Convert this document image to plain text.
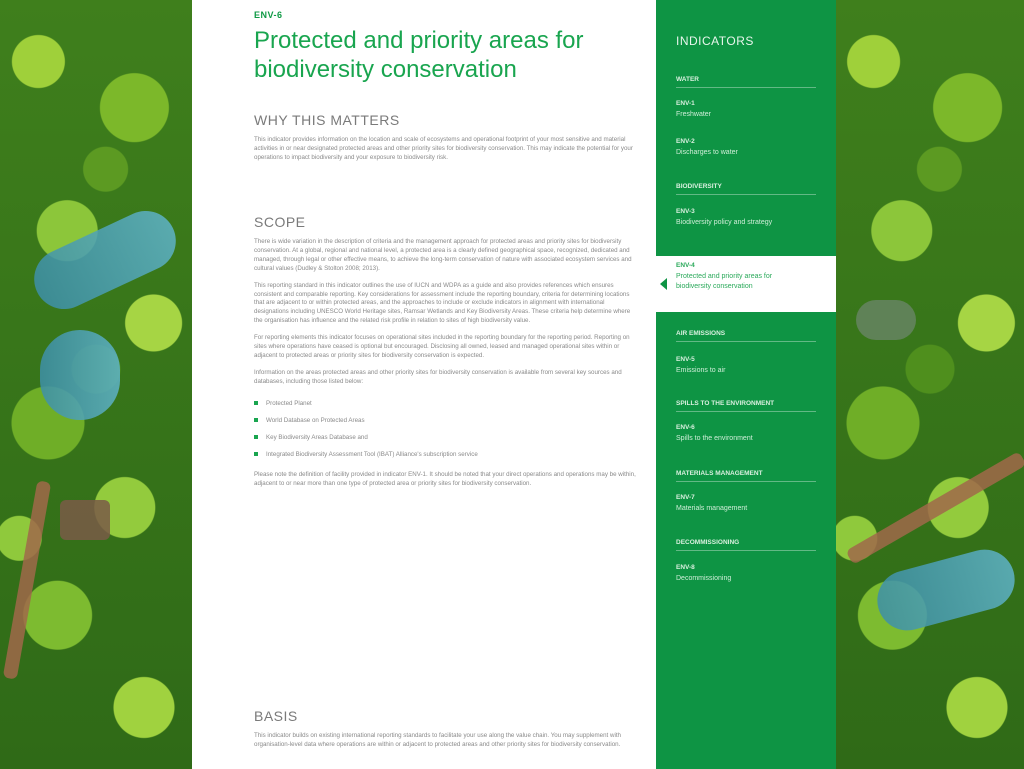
ENV-6
Protected and priority areas for biodiversity conservation
WHY THIS MATTERS

This indicator provides information on the location and scale of ecosystems and operational footprint of your most sensitive and material activities in or near designated protected areas and other priority sites for biodiversity conservation. This may indicate the potential for your operations to impact biodiversity and your exposure to biodiversity risk.

SCOPE

There is wide variation in the description of criteria and the management approach for protected areas and priority sites for biodiversity conservation. At a global, regional and national level, a protected area is a clearly defined geographical space, recognized, dedicated and managed, through legal or other effective means, to achieve the long-term conservation of nature with associated ecosystem services and cultural values (Dudley & Stolton 2008; 2013).

This reporting standard in this indicator outlines the use of IUCN and WDPA as a guide and also provides references which ensures consistent and comparable reporting. Key considerations for assessment include the reporting boundary, criteria for determining locations that are adjacent to or within protected areas, and the approaches to include or exclude indicators in alignment with international designations including UNESCO World Heritage sites, Ramsar Wetlands and Key Biodiversity Areas. These criteria help determine where the organisation has influence and the related risk profile in relation to sites of high biodiversity value.

For reporting elements this indicator focuses on operational sites included in the reporting boundary for the reporting period. Reporting on sites where operations have ceased is optional but encouraged. Disclosing all owned, leased and managed operational sites within or adjacent to protected areas or priority sites for biodiversity conservation is expected.

Information on the areas protected areas and other priority sites for biodiversity conservation is available from several key sources and databases, including those listed below:

Protected Planet
World Database on Protected Areas
Key Biodiversity Areas Database and
Integrated Biodiversity Assessment Tool (IBAT) Alliance's subscription service

Please note the definition of facility provided in indicator ENV-1. It should be noted that your direct operations and operations may be within, adjacent to or near more than one type of protected area or priority sites for biodiversity conservation.

BASIS

This indicator builds on existing international reporting standards to facilitate your use along the value chain. You may supplement with organisation-level data where operations are within or adjacent to protected areas and other priority sites for biodiversity conservation.

INDICATORS
WATER
ENV-1
Freshwater
ENV-2
Discharges to water
BIODIVERSITY
ENV-3
Biodiversity policy and strategy
ENV-4
Protected and priority areas for biodiversity conservation
AIR EMISSIONS
ENV-5
Emissions to air
SPILLS TO THE ENVIRONMENT
ENV-6
Spills to the environment
MATERIALS MANAGEMENT
ENV-7
Materials management
DECOMMISSIONING
ENV-8
Decommissioning
